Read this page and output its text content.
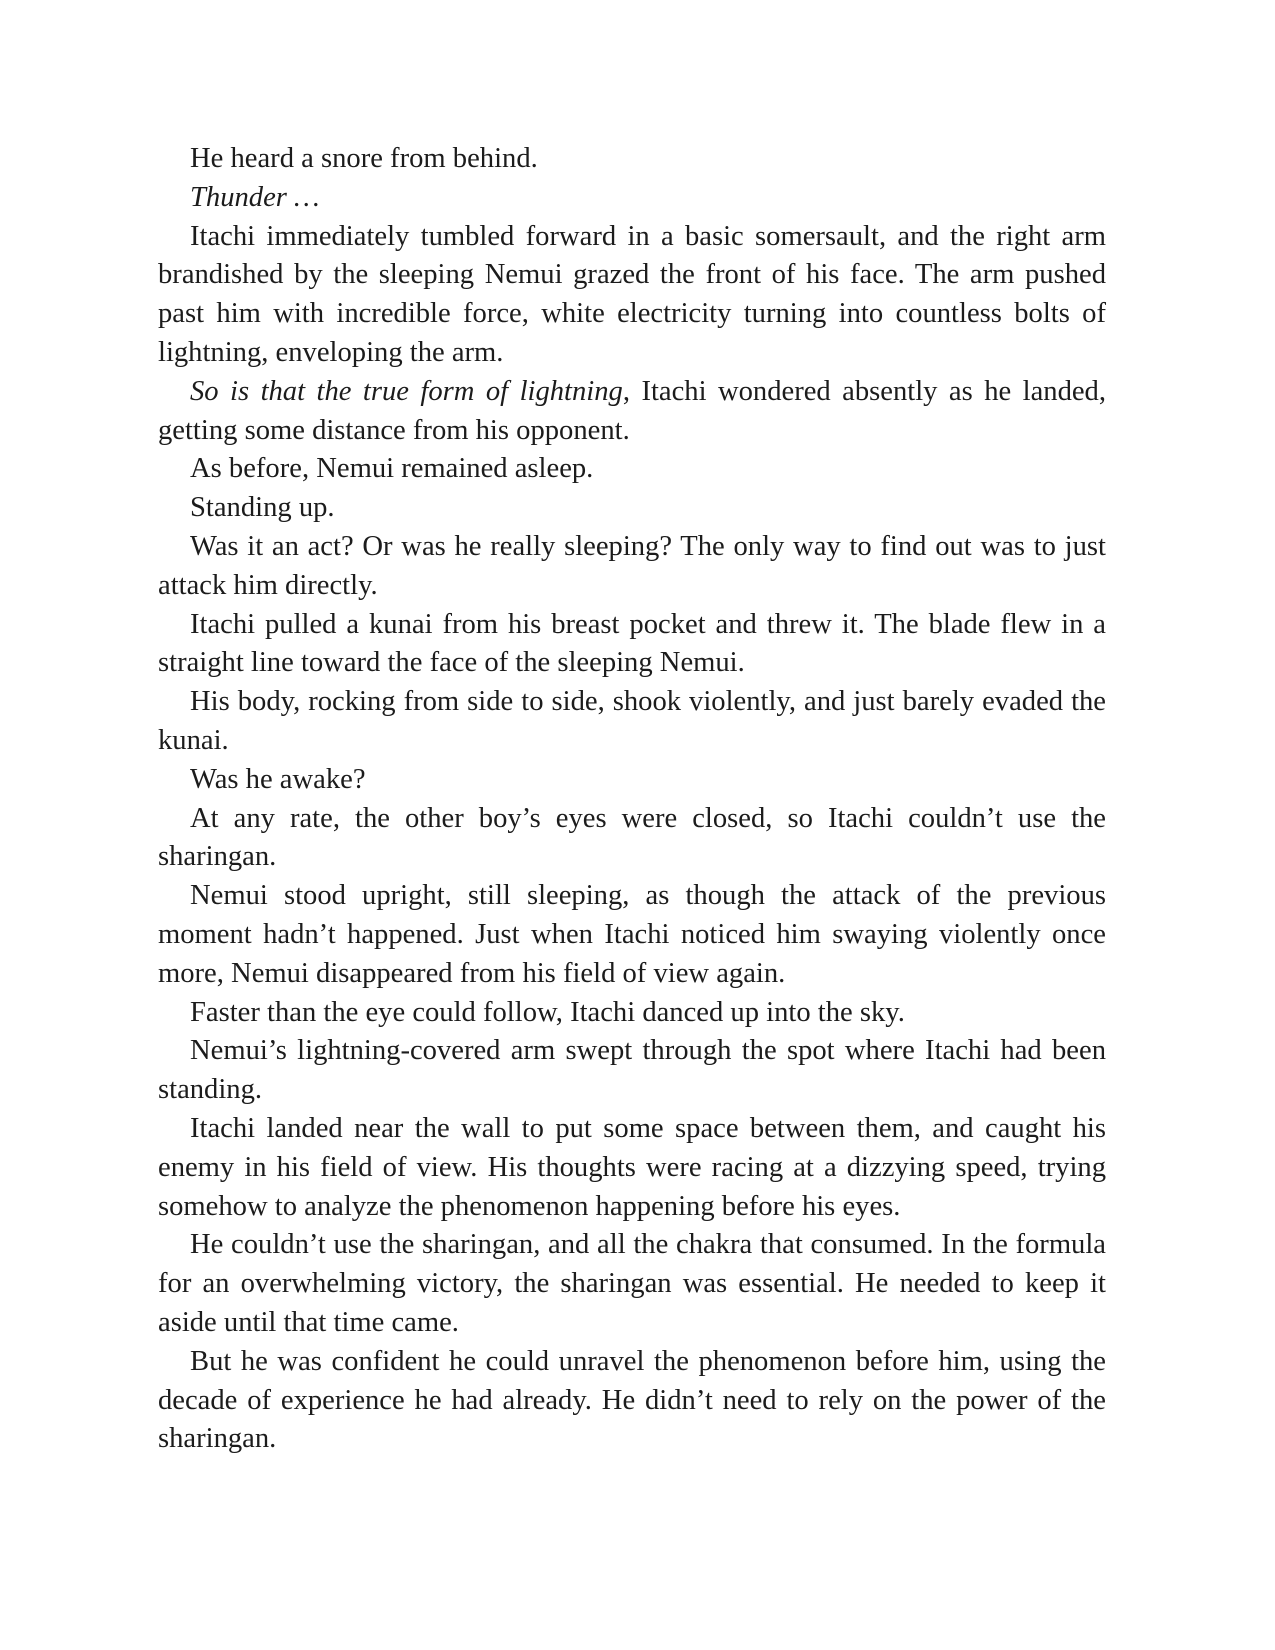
He heard a snore from behind.

Thunder …

Itachi immediately tumbled forward in a basic somersault, and the right arm brandished by the sleeping Nemui grazed the front of his face. The arm pushed past him with incredible force, white electricity turning into countless bolts of lightning, enveloping the arm.

So is that the true form of lightning, Itachi wondered absently as he landed, getting some distance from his opponent.

As before, Nemui remained asleep.

Standing up.

Was it an act? Or was he really sleeping? The only way to find out was to just attack him directly.

Itachi pulled a kunai from his breast pocket and threw it. The blade flew in a straight line toward the face of the sleeping Nemui.

His body, rocking from side to side, shook violently, and just barely evaded the kunai.

Was he awake?

At any rate, the other boy’s eyes were closed, so Itachi couldn’t use the sharingan.

Nemui stood upright, still sleeping, as though the attack of the previous moment hadn’t happened. Just when Itachi noticed him swaying violently once more, Nemui disappeared from his field of view again.

Faster than the eye could follow, Itachi danced up into the sky.

Nemui’s lightning-covered arm swept through the spot where Itachi had been standing.

Itachi landed near the wall to put some space between them, and caught his enemy in his field of view. His thoughts were racing at a dizzying speed, trying somehow to analyze the phenomenon happening before his eyes.

He couldn’t use the sharingan, and all the chakra that consumed. In the formula for an overwhelming victory, the sharingan was essential. He needed to keep it aside until that time came.

But he was confident he could unravel the phenomenon before him, using the decade of experience he had already. He didn’t need to rely on the power of the sharingan.
